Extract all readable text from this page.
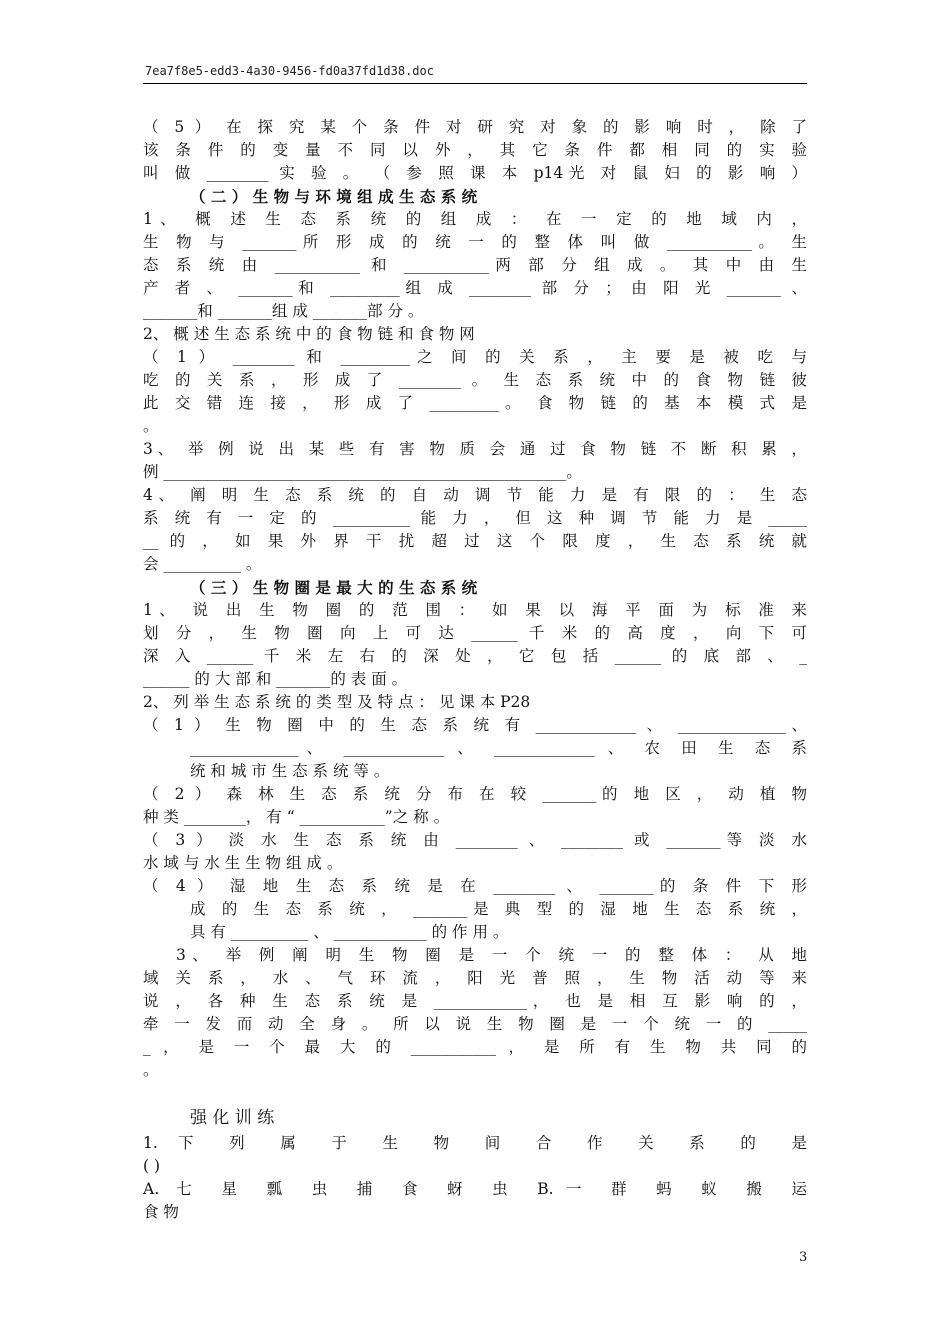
7ea7f8e5-edd3-4a30-9456-fd0a37fd1d38.doc
（ 5 ） 在 探 究 某 个 条 件 对 研 究 对 象 的 影 响 时 ， 除 了
该 条 件 的 变 量 不 同 以 外 ， 其 它 条 件 都 相 同 的 实 验
叫 做 ________ 实 验 。 （ 参 照 课 本 p14光 对 鼠 妇 的 影 响 ）
（ 二 ） 生 物 与 环 境 组 成 生 态 系 统
1、 概 述 生 态 系 统 的 组 成 ： 在 一 定 的 地 域 内 ，
生 物 与 _______所 形 成 的 统 一 的 整 体 叫 做 ___________。 生
态 系 统 由 ___________ 和 ___________两 部 分 组 成 。 其 中 由 生
产 者 、 _______和 _________组 成 ________ 部 分 ； 由 阳 光 _______ 、
_______和 _______组 成 _______部 分 。
2、 概 述 生 态 系 统 中 的 食 物 链 和 食 物 网
（ 1 ） ________ 和 _________之 间 的 关 系 ， 主 要 是 被 吃 与
吃 的 关 系 ， 形 成 了 ________ 。 生 态 系 统 中 的 食 物 链 彼
此 交 错 连 接 ， 形 成 了 _________。 食 物 链 的 基 本 模 式 是
。
3、 举 例 说 出 某 些 有 害 物 质 会 通 过 食 物 链 不 断 积 累 ，
例 ____________________________________________________。
4、 阐 明 生 态 系 统 的 自 动 调 节 能 力 是 有 限 的 ： 生 态
系 统 有 一 定 的 __________ 能 力 ， 但 这 种 调 节 能 力 是 _____
__ 的 ， 如 果 外 界 干 扰 超 过 这 个 限 度 ， 生 态 系 统 就
会 __________ 。
（ 三 ） 生 物 圈 是 最 大 的 生 态 系 统
1、 说 出 生 物 圈 的 范 围 ： 如 果 以 海 平 面 为 标 准 来
划 分 ， 生 物 圈 向 上 可 达 ______ 千 米 的 高 度 ， 向 下 可
深 入 ______ 千 米 左 右 的 深 处 ， 它 包 括 ______ 的 底 部 、 _
______ 的 大 部 和 _______的 表 面 。
2、 列 举 生 态 系 统 的 类 型 及 特 点 ： 见 课 本 P28
（ 1 ） 生 物 圈 中 的 生 态 系 统 有 _____________ 、 ______________、
______________、 _____________ 、 _____________ 、 农 田 生 态 系
统 和 城 市 生 态 系 统 等 。
（ 2 ） 森 林 生 态 系 统 分 布 在 较 _______的 地 区 ， 动 植 物
种 类 ________， 有 “ ___________”之 称 。
（ 3 ） 淡 水 生 态 系 统 由 ________ 、 ________ 或 _______等 淡 水
水 域 与 水 生 生 物 组 成 。
（ 4 ） 湿 地 生 态 系 统 是 在 ________ 、 _______的 条 件 下 形
成 的 生 态 系 统 ， _______是 典 型 的 湿 地 生 态 系 统 ，
具 有 __________ 、 ____________ 的 作 用 。
3、 举 例 阐 明 生 物 圈 是 一 个 统 一 的 整 体 ： 从 地
域 关 系 ， 水 、 气 环 流 ， 阳 光 普 照 ， 生 物 活 动 等 来
说 ， 各 种 生 态 系 统 是 ____________， 也 是 相 互 影 响 的 ，
牵 一 发 而 动 全 身 。 所 以 说 生 物 圈 是 一 个 统 一 的 _____
_ ， 是 一 个 最 大 的 ___________ ， 是 所 有 生 物 共 同 的
。
强 化 训 练
1. 下 列 属 于 生 物 间 合 作 关 系 的 是
( )
A. 七 星 瓢 虫 捕 食 蚜 虫 B.一 群 蚂 蚁 搬 运
食 物
3
